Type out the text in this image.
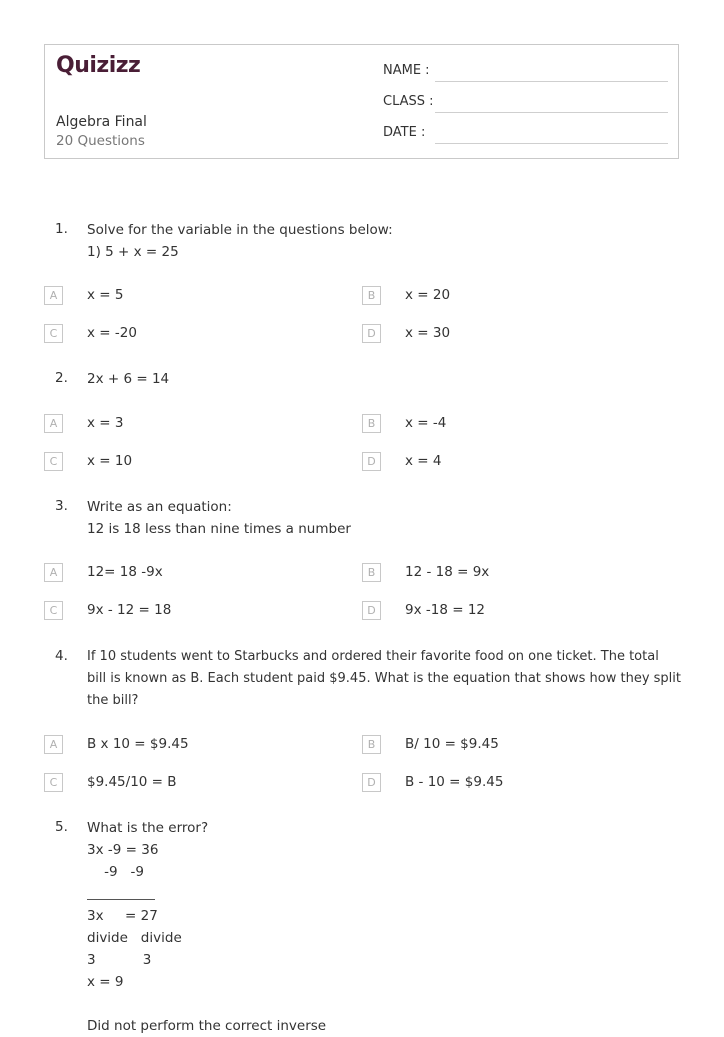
Quizizz
Algebra Final
20 Questions
NAME :
CLASS :
DATE :
1. Solve for the variable in the questions below:
1) 5 + x = 25
A	x = 5	B	x = 20
C	x = -20	D	x = 30
2. 2x + 6 = 14
A	x = 3	B	x = -4
C	x = 10	D	x = 4
3. Write as an equation:
12 is 18 less than nine times a number
A	12= 18 -9x	B	12 - 18 = 9x
C	9x - 12 = 18	D	9x -18 = 12
4. If 10 students went to Starbucks and ordered their favorite food on one ticket. The total bill is known as B. Each student paid $9.45. What is the equation that shows how they split the bill?
A	B x 10 = $9.45	B	B/ 10 = $9.45
C	$9.45/10 = B	D	B - 10 = $9.45
5. What is the error?
3x -9 = 36
-9   -9

3x     = 27
divide   divide
3           3
x = 9

Did not perform the correct inverse
